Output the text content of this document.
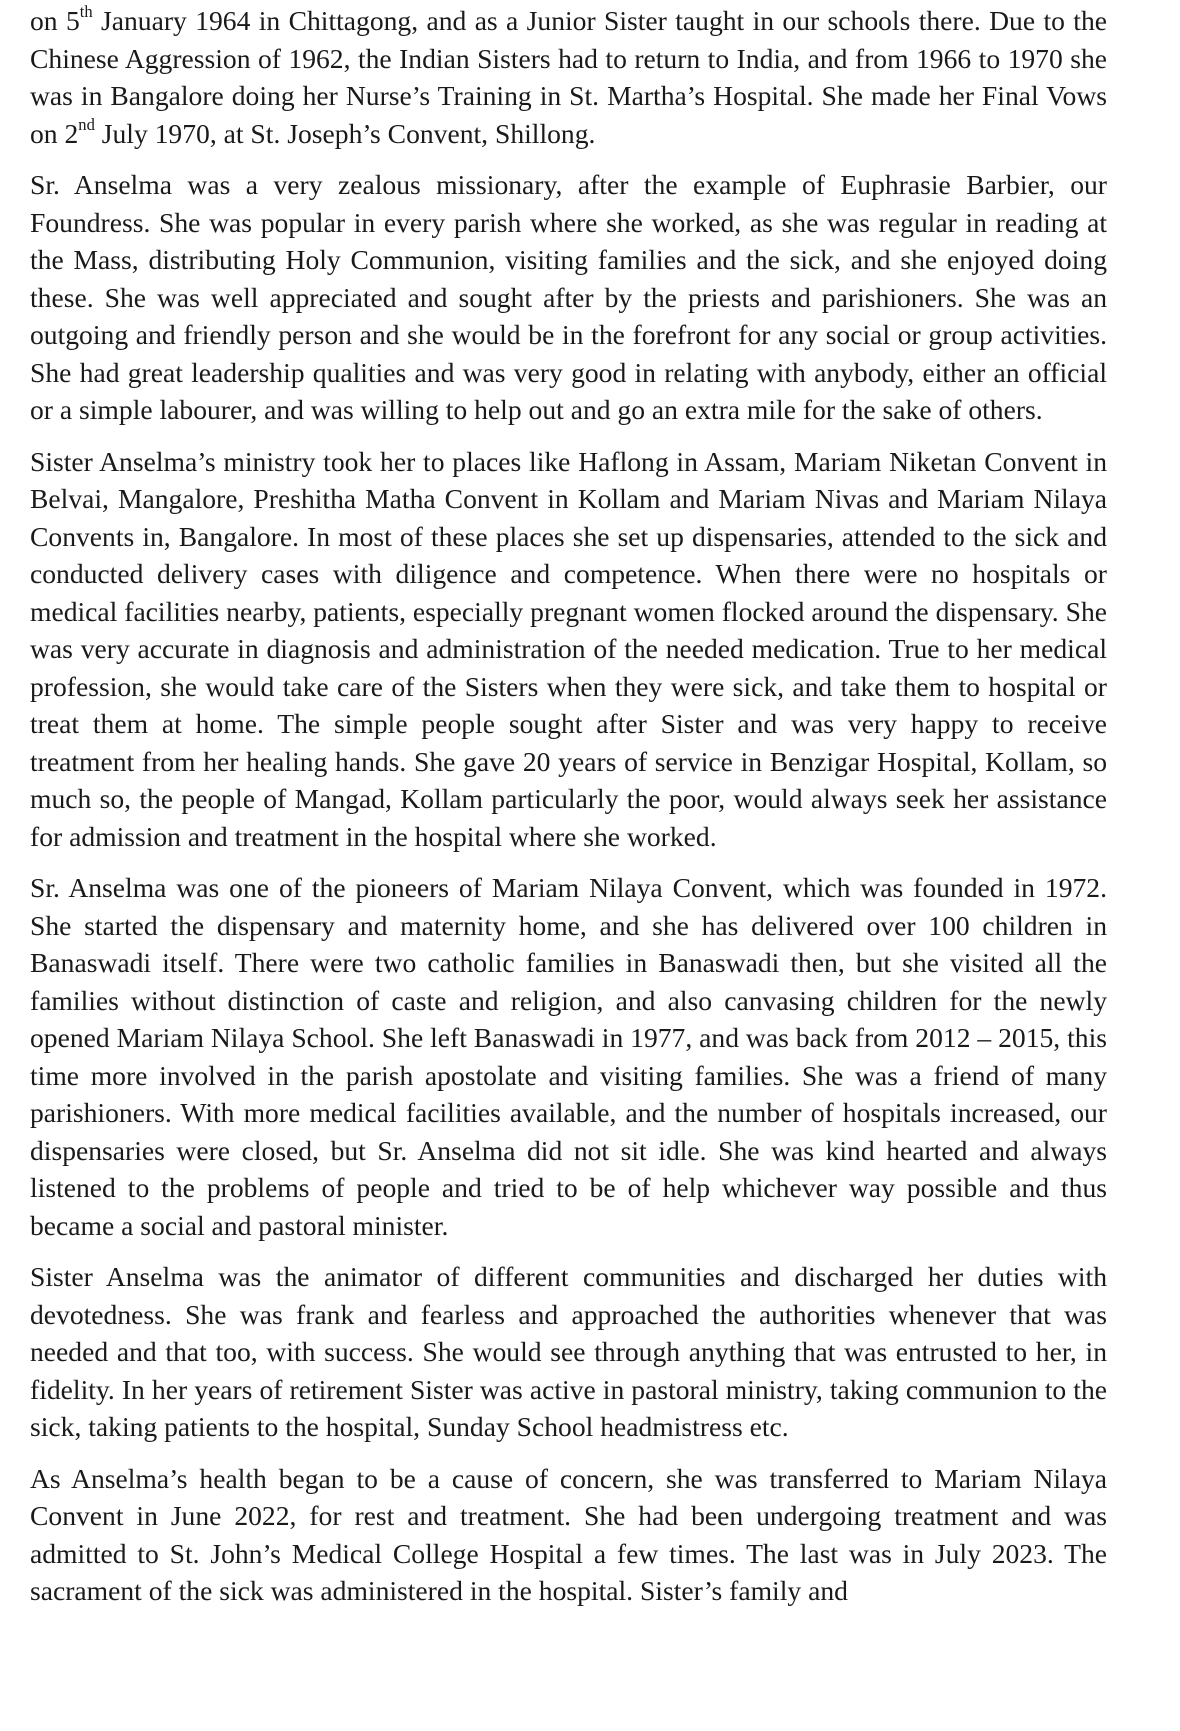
on 5th January 1964 in Chittagong, and as a Junior Sister taught in our schools there. Due to the Chinese Aggression of 1962, the Indian Sisters had to return to India, and from 1966 to 1970 she was in Bangalore doing her Nurse’s Training in St. Martha’s Hospital. She made her Final Vows on 2nd July 1970, at St. Joseph’s Convent, Shillong.

Sr. Anselma was a very zealous missionary, after the example of Euphrasie Barbier, our Foundress. She was popular in every parish where she worked, as she was regular in reading at the Mass, distributing Holy Communion, visiting families and the sick, and she enjoyed doing these. She was well appreciated and sought after by the priests and parishioners. She was an outgoing and friendly person and she would be in the forefront for any social or group activities. She had great leadership qualities and was very good in relating with anybody, either an official or a simple labourer, and was willing to help out and go an extra mile for the sake of others.

Sister Anselma’s ministry took her to places like Haflong in Assam, Mariam Niketan Convent in Belvai, Mangalore, Preshitha Matha Convent in Kollam and Mariam Nivas and Mariam Nilaya Convents in, Bangalore. In most of these places she set up dispensaries, attended to the sick and conducted delivery cases with diligence and competence. When there were no hospitals or medical facilities nearby, patients, especially pregnant women flocked around the dispensary. She was very accurate in diagnosis and administration of the needed medication. True to her medical profession, she would take care of the Sisters when they were sick, and take them to hospital or treat them at home. The simple people sought after Sister and was very happy to receive treatment from her healing hands. She gave 20 years of service in Benzigar Hospital, Kollam, so much so, the people of Mangad, Kollam particularly the poor, would always seek her assistance for admission and treatment in the hospital where she worked.

Sr. Anselma was one of the pioneers of Mariam Nilaya Convent, which was founded in 1972. She started the dispensary and maternity home, and she has delivered over 100 children in Banaswadi itself. There were two catholic families in Banaswadi then, but she visited all the families without distinction of caste and religion, and also canvasing children for the newly opened Mariam Nilaya School. She left Banaswadi in 1977, and was back from 2012 – 2015, this time more involved in the parish apostolate and visiting families. She was a friend of many parishioners. With more medical facilities available, and the number of hospitals increased, our dispensaries were closed, but Sr. Anselma did not sit idle. She was kind hearted and always listened to the problems of people and tried to be of help whichever way possible and thus became a social and pastoral minister.

Sister Anselma was the animator of different communities and discharged her duties with devotedness. She was frank and fearless and approached the authorities whenever that was needed and that too, with success. She would see through anything that was entrusted to her, in fidelity. In her years of retirement Sister was active in pastoral ministry, taking communion to the sick, taking patients to the hospital, Sunday School headmistress etc.

As Anselma’s health began to be a cause of concern, she was transferred to Mariam Nilaya Convent in June 2022, for rest and treatment. She had been undergoing treatment and was admitted to St. John’s Medical College Hospital a few times. The last was in July 2023. The sacrament of the sick was administered in the hospital. Sister’s family and
